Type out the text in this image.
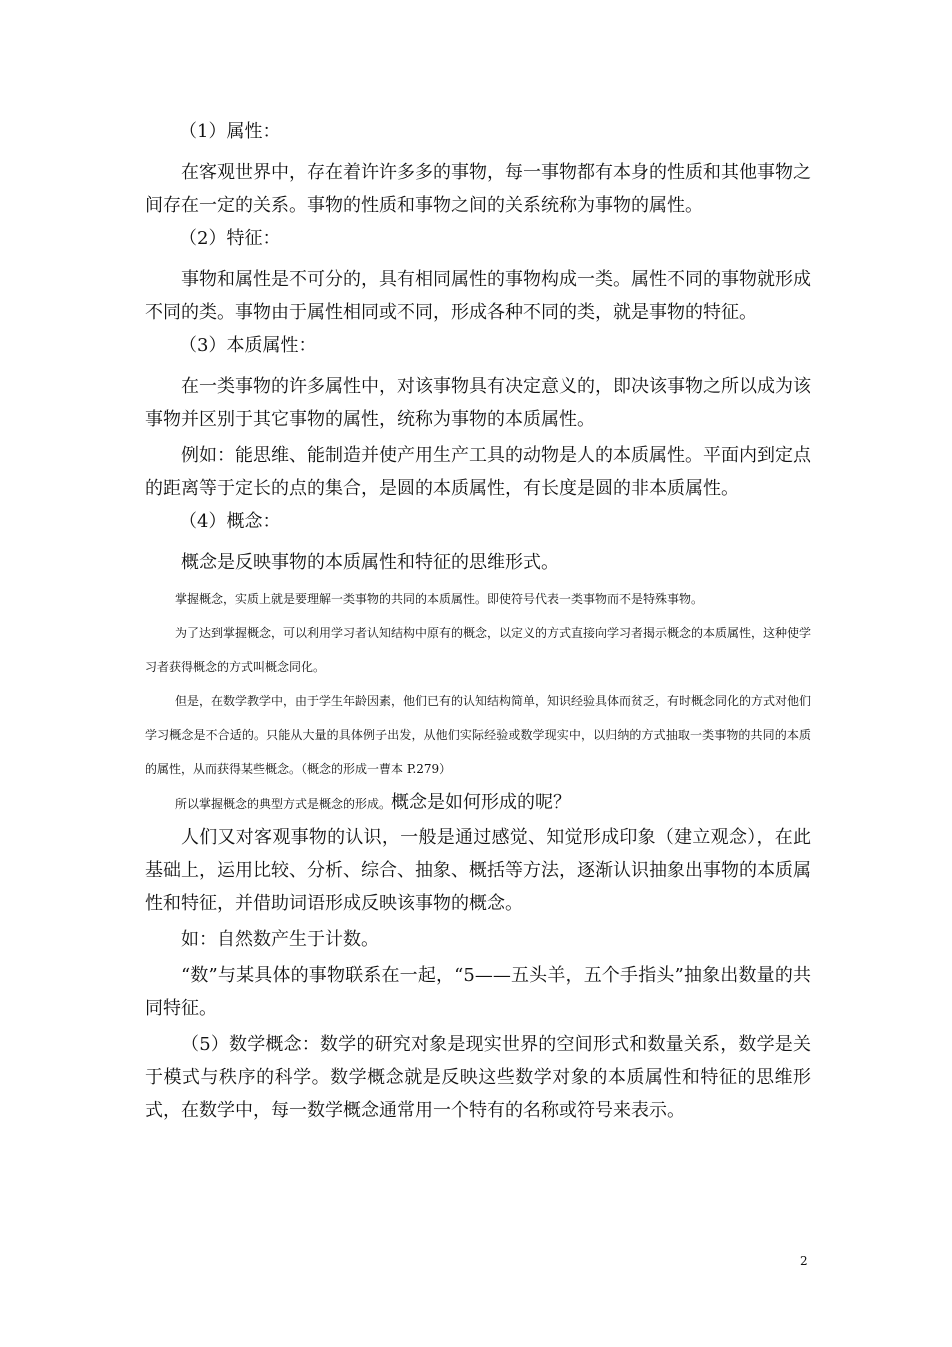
（1）属性：

在客观世界中，存在着许许多多的事物，每一事物都有本身的性质和其他事物之间存在一定的关系。事物的性质和事物之间的关系统称为事物的属性。

（2）特征：

事物和属性是不可分的，具有相同属性的事物构成一类。属性不同的事物就形成不同的类。事物由于属性相同或不同，形成各种不同的类，就是事物的特征。

（3）本质属性：

在一类事物的许多属性中，对该事物具有决定意义的，即决该事物之所以成为该事物并区别于其它事物的属性，统称为事物的本质属性。

例如：能思维、能制造并使产用生产工具的动物是人的本质属性。平面内到定点的距离等于定长的点的集合，是圆的本质属性，有长度是圆的非本质属性。

（4）概念：

概念是反映事物的本质属性和特征的思维形式。

掌握概念，实质上就是要理解一类事物的共同的本质属性。即使符号代表一类事物而不是特殊事物。

为了达到掌握概念，可以利用学习者认知结构中原有的概念，以定义的方式直接向学习者揭示概念的本质属性，这种使学习者获得概念的方式叫概念同化。

但是，在数学教学中，由于学生年龄因素，他们已有的认知结构简单，知识经验具体而贫乏，有时概念同化的方式对他们学习概念是不合适的。只能从大量的具体例子出发，从他们实际经验或数学现实中，以归纳的方式抽取一类事物的共同的本质的属性，从而获得某些概念。（概念的形成一曹本 P.279）

所以掌握概念的典型方式是概念的形成。概念是如何形成的呢？

人们又对客观事物的认识，一般是通过感觉、知觉形成印象（建立观念），在此基础上，运用比较、分析、综合、抽象、概括等方法，逐渐认识抽象出事物的本质属性和特征，并借助词语形成反映该事物的概念。

如：自然数产生于计数。

“数”与某具体的事物联系在一起，“5——五头羊，五个手指头”抽象出数量的共同特征。

（5）数学概念：数学的研究对象是现实世界的空间形式和数量关系，数学是关于模式与秩序的科学。数学概念就是反映这些数学对象的本质属性和特征的思维形式，在数学中，每一数学概念通常用一个特有的名称或符号来表示。

2
